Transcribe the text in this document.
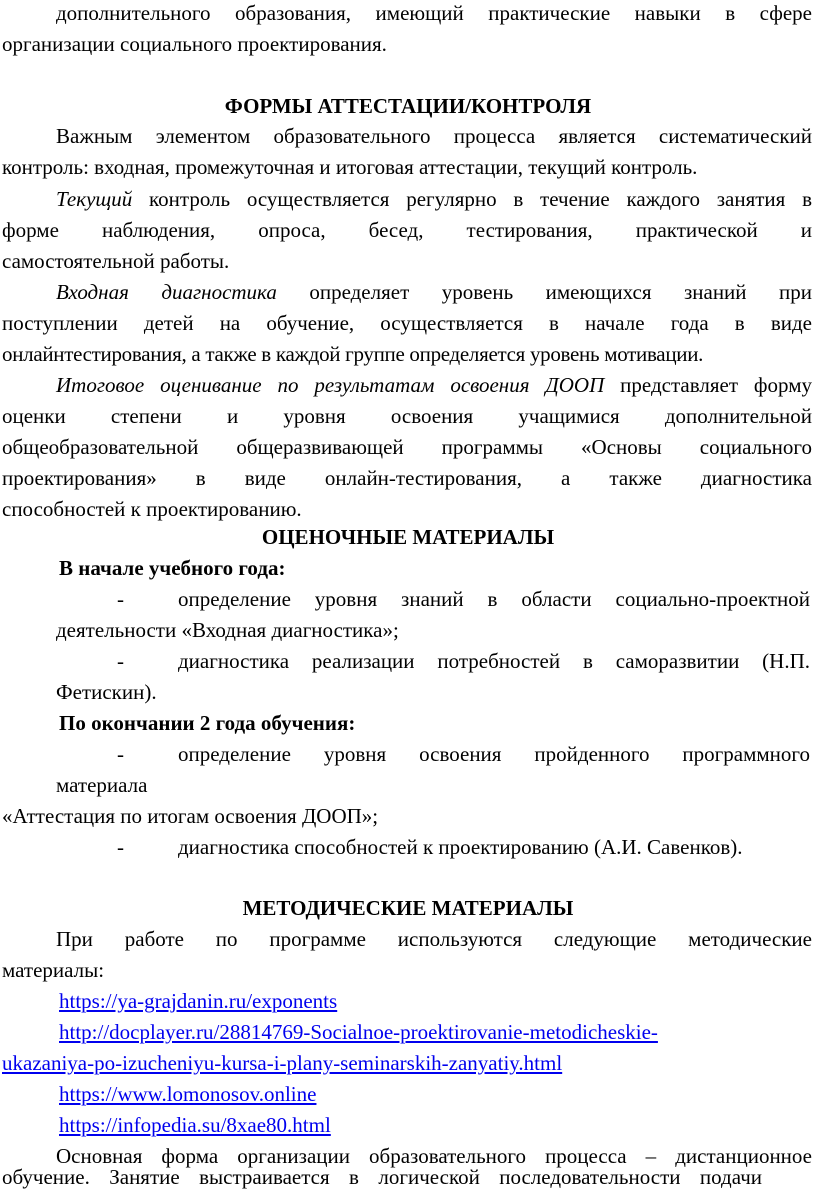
дополнительного образования, имеющий практические навыки в сфере
организации социального проектирования.
ФОРМЫ АТТЕСТАЦИИ/КОНТРОЛЯ
Важным элементом образовательного процесса является систематический
контроль: входная, промежуточная и итоговая аттестации, текущий контроль.
Текущий контроль осуществляется регулярно в течение каждого занятия в
форме наблюдения, опроса, бесед, тестирования, практической и
самостоятельной работы.
Входная диагностика определяет уровень имеющихся знаний при
поступлении детей на обучение, осуществляется в начале года в виде
онлайнтестирования, а также в каждой группе определяется уровень мотивации.
Итоговое оценивание по результатам освоения ДООП представляет форму
оценки степени и уровня освоения учащимися дополнительной
общеобразовательной общеразвивающей программы «Основы социального
проектирования» в виде онлайн-тестирования, а также диагностика
способностей к проектированию.
ОЦЕНОЧНЫЕ МАТЕРИАЛЫ
В начале учебного года:
-	определение уровня знаний в области социально-проектной
деятельности «Входная диагностика»;
-	диагностика реализации потребностей в саморазвитии (Н.П.
Фетискин).
По окончании 2 года обучения:
-	определение уровня освоения пройденного программного
материала
«Аттестация по итогам освоения ДООП»;
-	диагностика способностей к проектированию (А.И. Савенков).
МЕТОДИЧЕСКИЕ МАТЕРИАЛЫ
При работе по программе используются следующие методические
материалы:
https://ya-grajdanin.ru/exponents
http://docplayer.ru/28814769-Socialnoe-proektirovanie-metodicheskie-
ukazaniya-po-izucheniyu-kursa-i-plany-seminarskih-zanyatiy.html
https://www.lomonosov.online
https://infopedia.su/8xae80.html
Основная форма организации образовательного процесса – дистанционное
обучение. Занятие выстраивается в логической последовательности подачи
